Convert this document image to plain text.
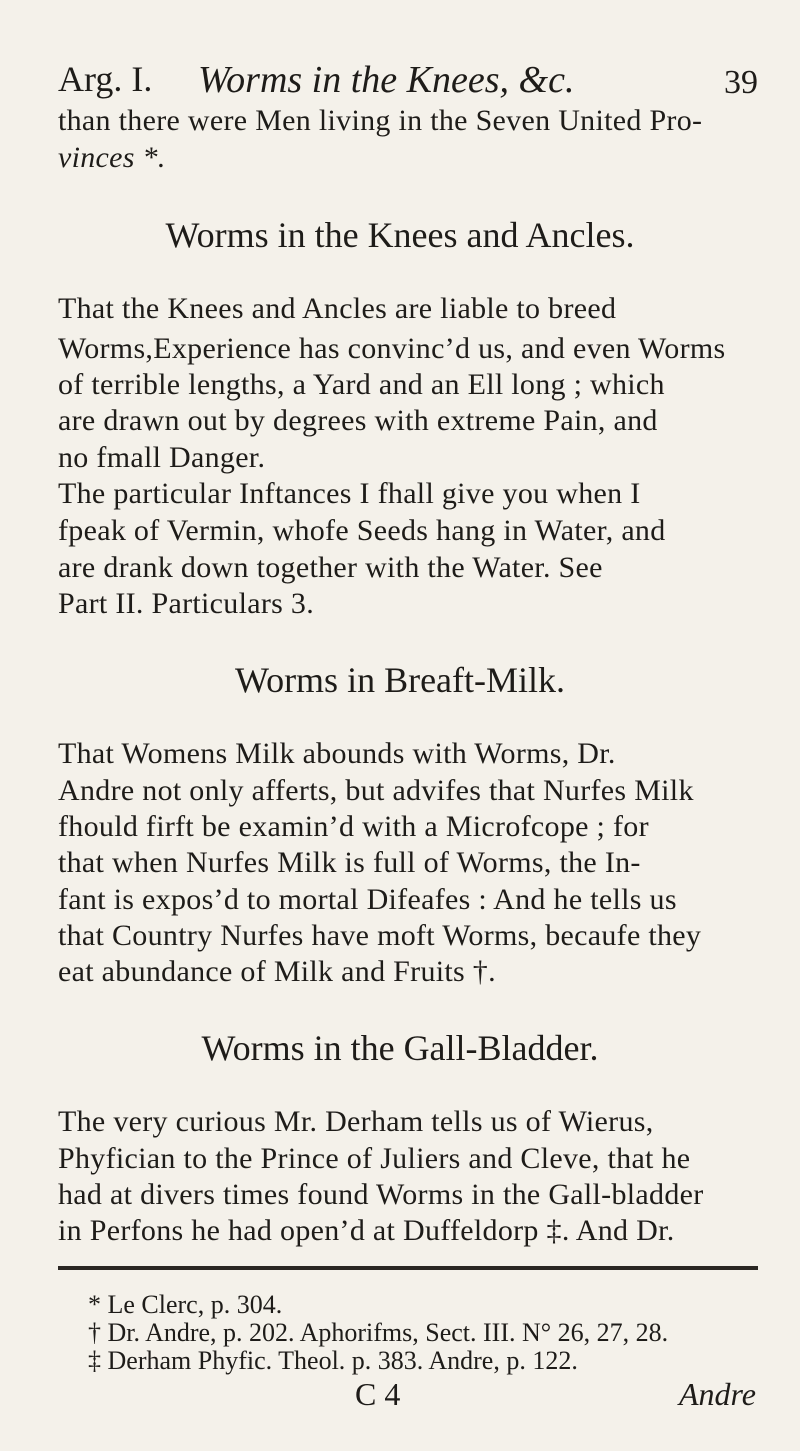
Arg. I. Worms in the Knees, &c.	39
than there were Men living in the Seven United Pro-
vinces *.
Worms in the Knees and Ancles.
That the Knees and Ancles are liable to breed
Worms,Experience has convinc’d us, and even Worms
of terrible lengths, a Yard and an Ell long ; which
are drawn out by degrees with extreme Pain, and
no fmall Danger.
The particular Inftances I fhall give you when I
fpeak of Vermin, whofe Seeds hang in Water, and
are drank down together with the Water. See
Part II. Particulars 3.
Worms in Breaft-Milk.
That Womens Milk abounds with Worms, Dr.
Andre not only afferts, but advifes that Nurfes Milk
fhould firft be examin’d with a Microfcope ; for
that when Nurfes Milk is full of Worms, the In-
fant is expos’d to mortal Difeafes : And he tells us
that Country Nurfes have moft Worms, becaufe they
eat abundance of Milk and Fruits †.
Worms in the Gall-Bladder.
The very curious Mr. Derham tells us of Wierus,
Phyfician to the Prince of Juliers and Cleve, that he
had at divers times found Worms in the Gall-bladder
in Perfons he had open’d at Duffeldorp ‡. And Dr.
* Le Clerc, p. 304.
† Dr. Andre, p. 202. Aphorifms, Sect. III. N° 26, 27, 28.
‡ Derham Phyfic. Theol. p. 383. Andre, p. 122.
C 4	Andre
